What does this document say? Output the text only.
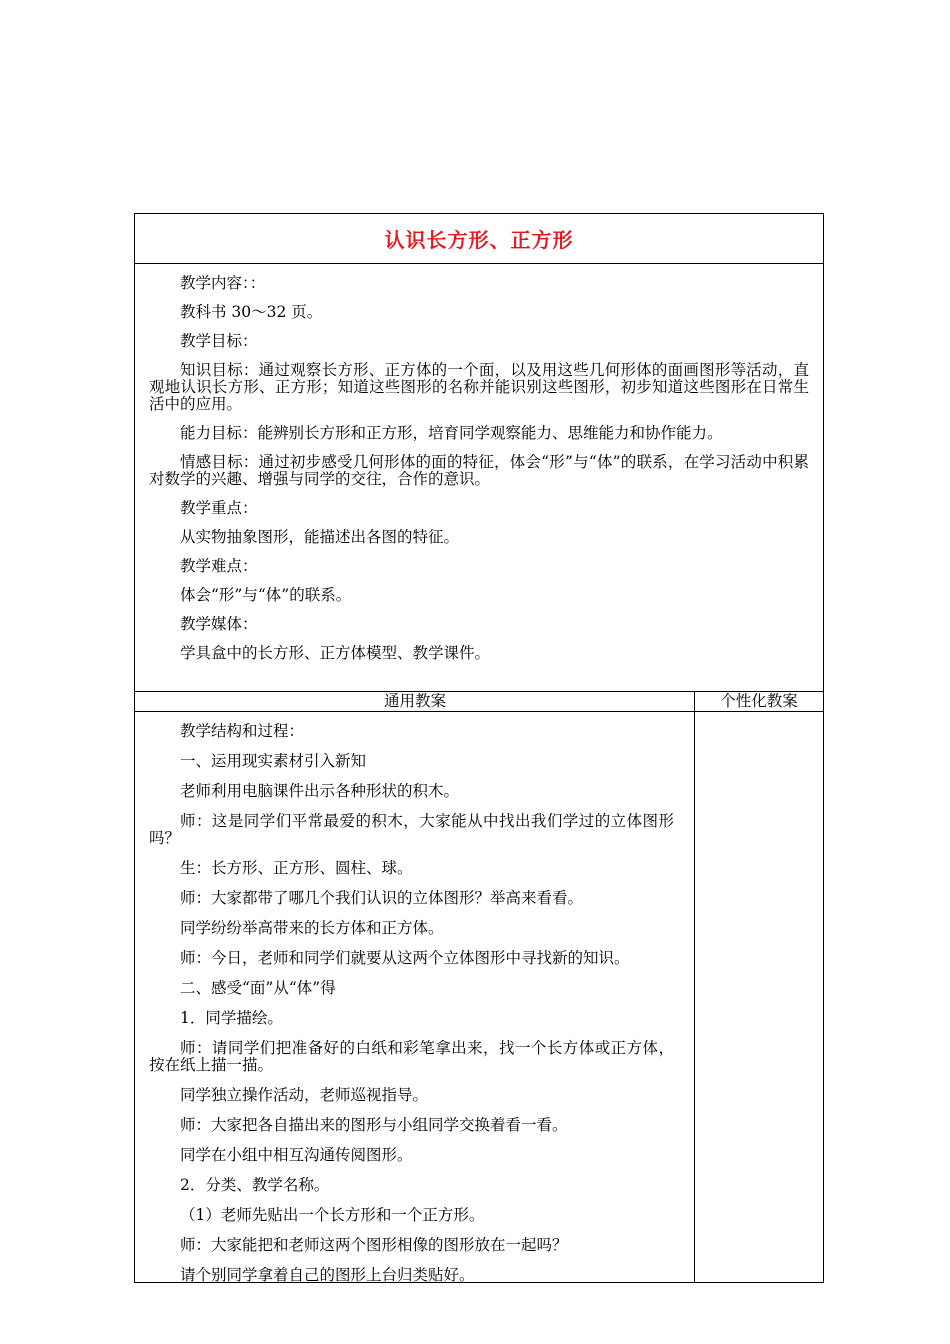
认识长方形、正方形

教学内容：：

教科书 30～32 页。

教学目标：

知识目标：通过观察长方形、正方体的一个面，以及用这些几何形体的面画图形等活动，直观地认识长方形、正方形；知道这些图形的名称并能识别这些图形，初步知道这些图形在日常生活中的应用。

能力目标：能辨别长方形和正方形，培育同学观察能力、思维能力和协作能力。

情感目标：通过初步感受几何形体的面的特征，体会“形”与“体”的联系，在学习活动中积累对数学的兴趣、增强与同学的交往，合作的意识。

教学重点：

从实物抽象图形，能描述出各图的特征。

教学难点：

体会“形”与“体”的联系。

教学媒体：

学具盒中的长方形、正方体模型、教学课件。

通用教案	个性化教案

教学结构和过程：

一、运用现实素材引入新知

老师利用电脑课件出示各种形状的积木。

师：这是同学们平常最爱的积木，大家能从中找出我们学过的立体图形吗？

生：长方形、正方形、圆柱、球。

师：大家都带了哪几个我们认识的立体图形？举高来看看。

同学纷纷举高带来的长方体和正方体。

师：今日，老师和同学们就要从这两个立体图形中寻找新的知识。

二、感受“面”从“体”得

1．同学描绘。

师：请同学们把准备好的白纸和彩笔拿出来，找一个长方体或正方体，按在纸上描一描。

同学独立操作活动，老师巡视指导。

师：大家把各自描出来的图形与小组同学交换着看一看。

同学在小组中相互沟通传阅图形。

2．分类、教学名称。

（1）老师先贴出一个长方形和一个正方形。

师：大家能把和老师这两个图形相像的图形放在一起吗？

请个别同学拿着自己的图形上台归类贴好。
